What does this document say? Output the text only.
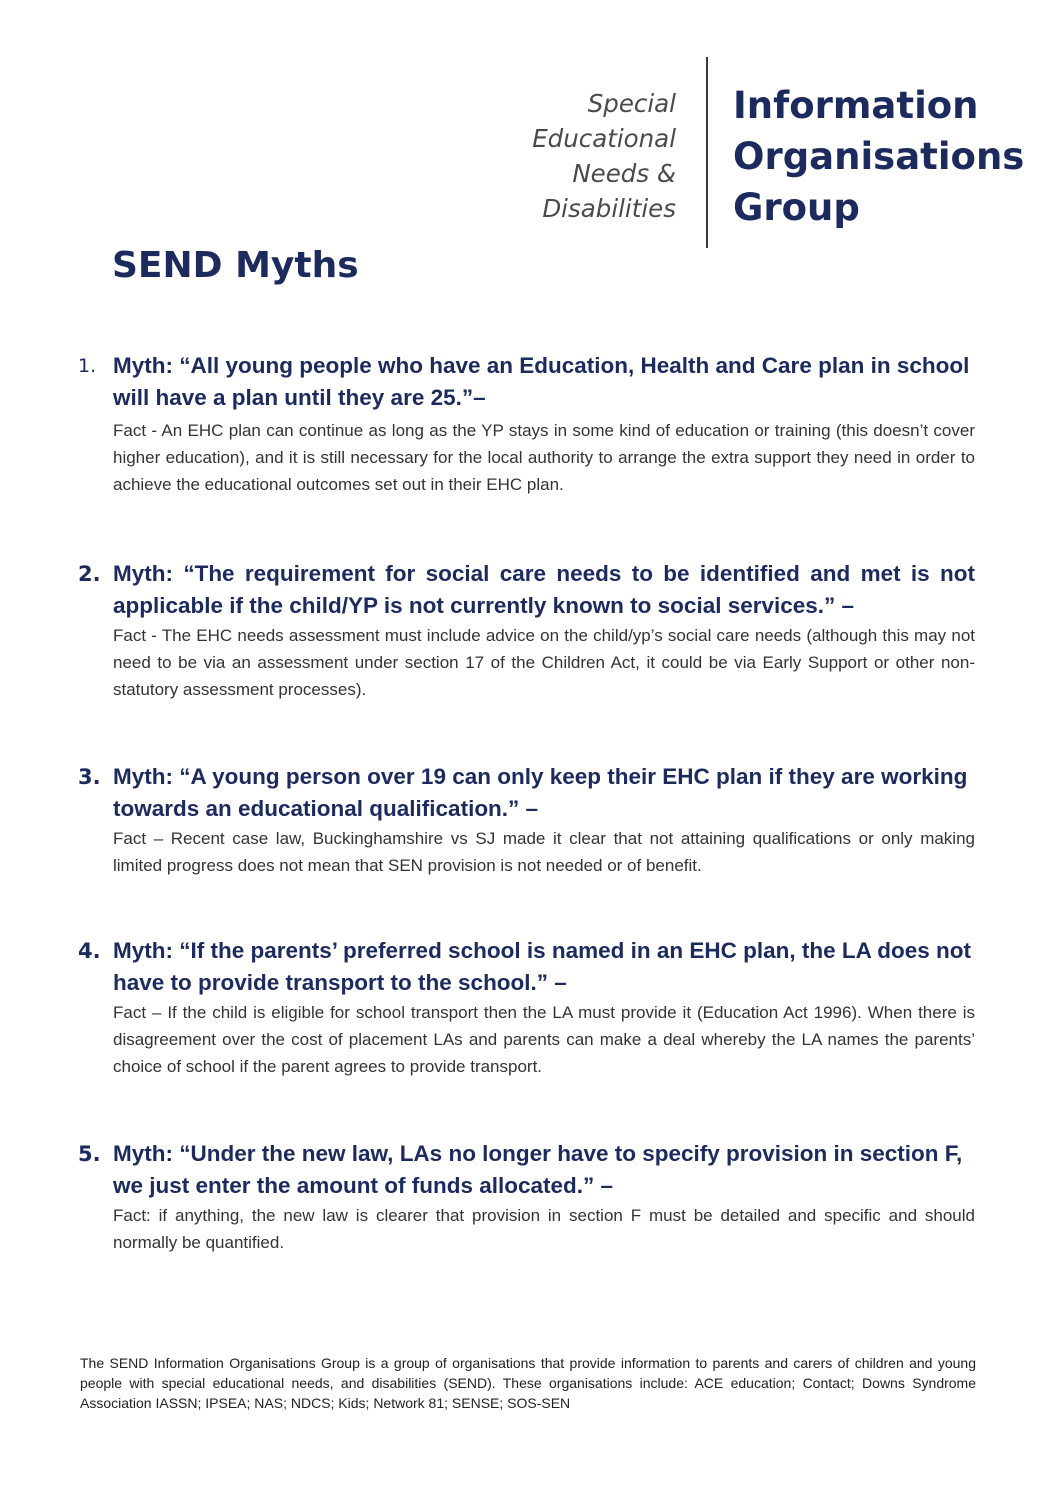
Special
Educational
Needs &
Disabilities
Information
Organisations
Group
SEND Myths
1. Myth: “All young people who have an Education, Health and Care plan in school will have a plan until they are 25.”–

Fact - An EHC plan can continue as long as the YP stays in some kind of education or training (this doesn’t cover higher education), and it is still necessary for the local authority to arrange the extra support they need in order to achieve the educational outcomes set out in their EHC plan.

2. Myth: “The requirement for social care needs to be identified and met is not applicable if the child/YP is not currently known to social services.” –

Fact - The EHC needs assessment must include advice on the child/yp’s social care needs (although this may not need to be via an assessment under section 17 of the Children Act, it could be via Early Support or other non-statutory assessment processes).

3. Myth: “A young person over 19 can only keep their EHC plan if they are working towards an educational qualification.” –

Fact – Recent case law, Buckinghamshire vs SJ made it clear that not attaining qualifications or only making limited progress does not mean that SEN provision is not needed or of benefit.

4. Myth: “If the parents’ preferred school is named in an EHC plan, the LA does not have to provide transport to the school.” –

Fact – If the child is eligible for school transport then the LA must provide it (Education Act 1996). When there is disagreement over the cost of placement LAs and parents can make a deal whereby the LA names the parents’ choice of school if the parent agrees to provide transport.

5. Myth: “Under the new law, LAs no longer have to specify provision in section F, we just enter the amount of funds allocated.” –

Fact: if anything, the new law is clearer that provision in section F must be detailed and specific and should normally be quantified.

The SEND Information Organisations Group is a group of organisations that provide information to parents and carers of children and young people with special educational needs, and disabilities (SEND). These organisations include: ACE education; Contact; Downs Syndrome Association IASSN; IPSEA; NAS; NDCS; Kids; Network 81; SENSE; SOS-SEN
